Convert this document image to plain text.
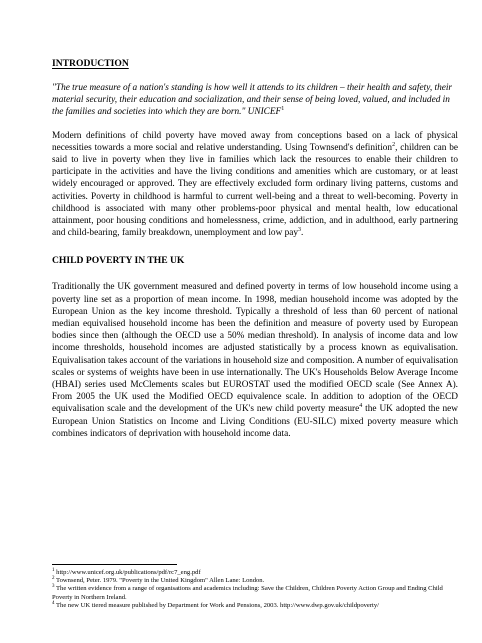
INTRODUCTION

"The true measure of a nation's standing is how well it attends to its children – their health and safety, their material security, their education and socialization, and their sense of being loved, valued, and included in the families and societies into which they are born." UNICEF$^1$

Modern definitions of child poverty have moved away from conceptions based on a lack of physical necessities towards a more social and relative understanding. Using Townsend's definition$^2$, children can be said to live in poverty when they live in families which lack the resources to enable their children to participate in the activities and have the living conditions and amenities which are customary, or at least widely encouraged or approved. They are effectively excluded form ordinary living patterns, customs and activities. Poverty in childhood is harmful to current well-being and a threat to well-becoming. Poverty in childhood is associated with many other problems-poor physical and mental health, low educational attainment, poor housing conditions and homelessness, crime, addiction, and in adulthood, early partnering and child-bearing, family breakdown, unemployment and low pay$^3$.

CHILD POVERTY IN THE UK

Traditionally the UK government measured and defined poverty in terms of low household income using a poverty line set as a proportion of mean income. In 1998, median household income was adopted by the European Union as the key income threshold. Typically a threshold of less than 60 percent of national median equivalised household income has been the definition and measure of poverty used by European bodies since then (although the OECD use a 50% median threshold). In analysis of income data and low income thresholds, household incomes are adjusted statistically by a process known as equivalisation. Equivalisation takes account of the variations in household size and composition. A number of equivalisation scales or systems of weights have been in use internationally. The UK's Households Below Average Income (HBAI) series used McClements scales but EUROSTAT used the modified OECD scale (See Annex A). From 2005 the UK used the Modified OECD equivalence scale. In addition to adoption of the OECD equivalisation scale and the development of the UK's new child poverty measure$^4$ the UK adopted the new European Union Statistics on Income and Living Conditions (EU-SILC) mixed poverty measure which combines indicators of deprivation with household income data.

$^1$ http://www.unicef.org.uk/publications/pdf/rc7_eng.pdf

$^2$ Townsend, Peter. 1979. "Poverty in the United Kingdom" Allen Lane: London.

$^3$ The written evidence from a range of organisations and academics including: Save the Children, Children Poverty Action Group and Ending Child Poverty in Northern Ireland.

$^4$ The new UK tiered measure published by Department for Work and Pensions, 2003. http://www.dwp.gov.uk/childpoverty/
